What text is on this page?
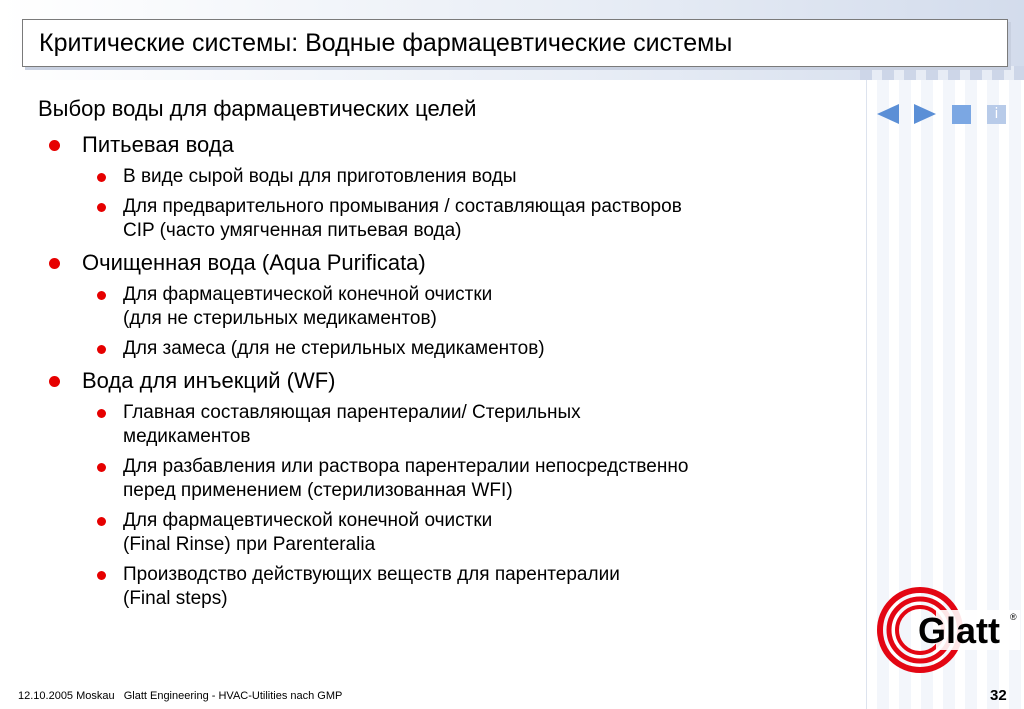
Критические системы: Водные фармацевтические системы
i
Выбор воды для фармацевтических целей
Питьевая вода
В виде сырой воды для приготовления воды
Для предварительного промывания / составляющая растворов
CIP (часто умягченная питьевая вода)
Очищенная вода (Aqua Purificata)
Для фармацевтической конечной очистки
(для не стерильных медикаментов)
Для замеса (для не стерильных медикаментов)
Вода для инъекций (WF)
Главная составляющая парентералии/ Стерильных
медикаментов
Для разбавления или раствора парентералии непосредственно
перед применением (стерилизованная WFI)
Для фармацевтической конечной очистки
(Final Rinse) при Parenteralia
Производство действующих веществ для парентералии
(Final steps)
Glatt ®
12.10.2005 Moskau Glatt Engineering - HVAC-Utilities nach GMP	32
